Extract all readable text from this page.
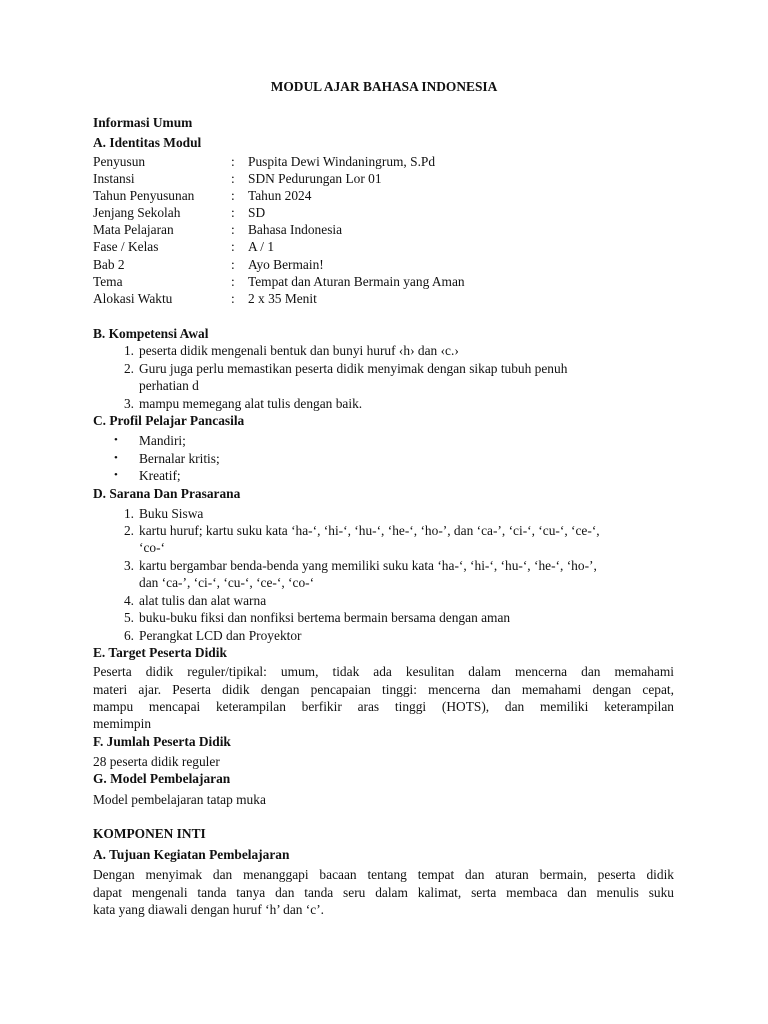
MODUL AJAR BAHASA INDONESIA
Informasi Umum
A. Identitas Modul
Penyusun	: Puspita Dewi Windaningrum, S.Pd
Instansi	: SDN Pedurungan Lor 01
Tahun Penyusunan	: Tahun 2024
Jenjang Sekolah	: SD
Mata Pelajaran	: Bahasa Indonesia
Fase / Kelas	: A / 1
Bab 2	: Ayo Bermain!
Tema	: Tempat dan Aturan Bermain yang Aman
Alokasi Waktu	: 2 x 35 Menit
B. Kompetensi Awal
1. peserta didik mengenali bentuk dan bunyi huruf ‹h› dan ‹c.›
2. Guru juga perlu memastikan peserta didik menyimak dengan sikap tubuh penuh
perhatian d
3. mampu memegang alat tulis dengan baik.
C. Profil Pelajar Pancasila
• Mandiri;
• Bernalar kritis;
• Kreatif;
D. Sarana Dan Prasarana
1. Buku Siswa
2. kartu huruf; kartu suku kata ‘ha-‘, ‘hi-‘, ‘hu-‘, ‘he-‘, ‘ho-’, dan ‘ca-’, ‘ci-‘, ‘cu-‘, ‘ce-‘,
‘co-‘
3. kartu bergambar benda-benda yang memiliki suku kata ‘ha-‘, ‘hi-‘, ‘hu-‘, ‘he-‘, ‘ho-’,
dan ‘ca-’, ‘ci-‘, ‘cu-‘, ‘ce-‘, ‘co-‘
4. alat tulis dan alat warna
5. buku-buku fiksi dan nonfiksi bertema bermain bersama dengan aman
6. Perangkat LCD dan Proyektor
E. Target Peserta Didik
Peserta didik reguler/tipikal: umum, tidak ada kesulitan dalam mencerna dan memahami
materi ajar. Peserta didik dengan pencapaian tinggi: mencerna dan memahami dengan cepat,
mampu mencapai keterampilan berfikir aras tinggi (HOTS), dan memiliki keterampilan
memimpin
F. Jumlah Peserta Didik
28 peserta didik reguler
G. Model Pembelajaran
Model pembelajaran tatap muka
KOMPONEN INTI
A. Tujuan Kegiatan Pembelajaran
Dengan menyimak dan menanggapi bacaan tentang tempat dan aturan bermain, peserta didik
dapat mengenali tanda tanya dan tanda seru dalam kalimat, serta membaca dan menulis suku
kata yang diawali dengan huruf ‘h’ dan ‘c’.
